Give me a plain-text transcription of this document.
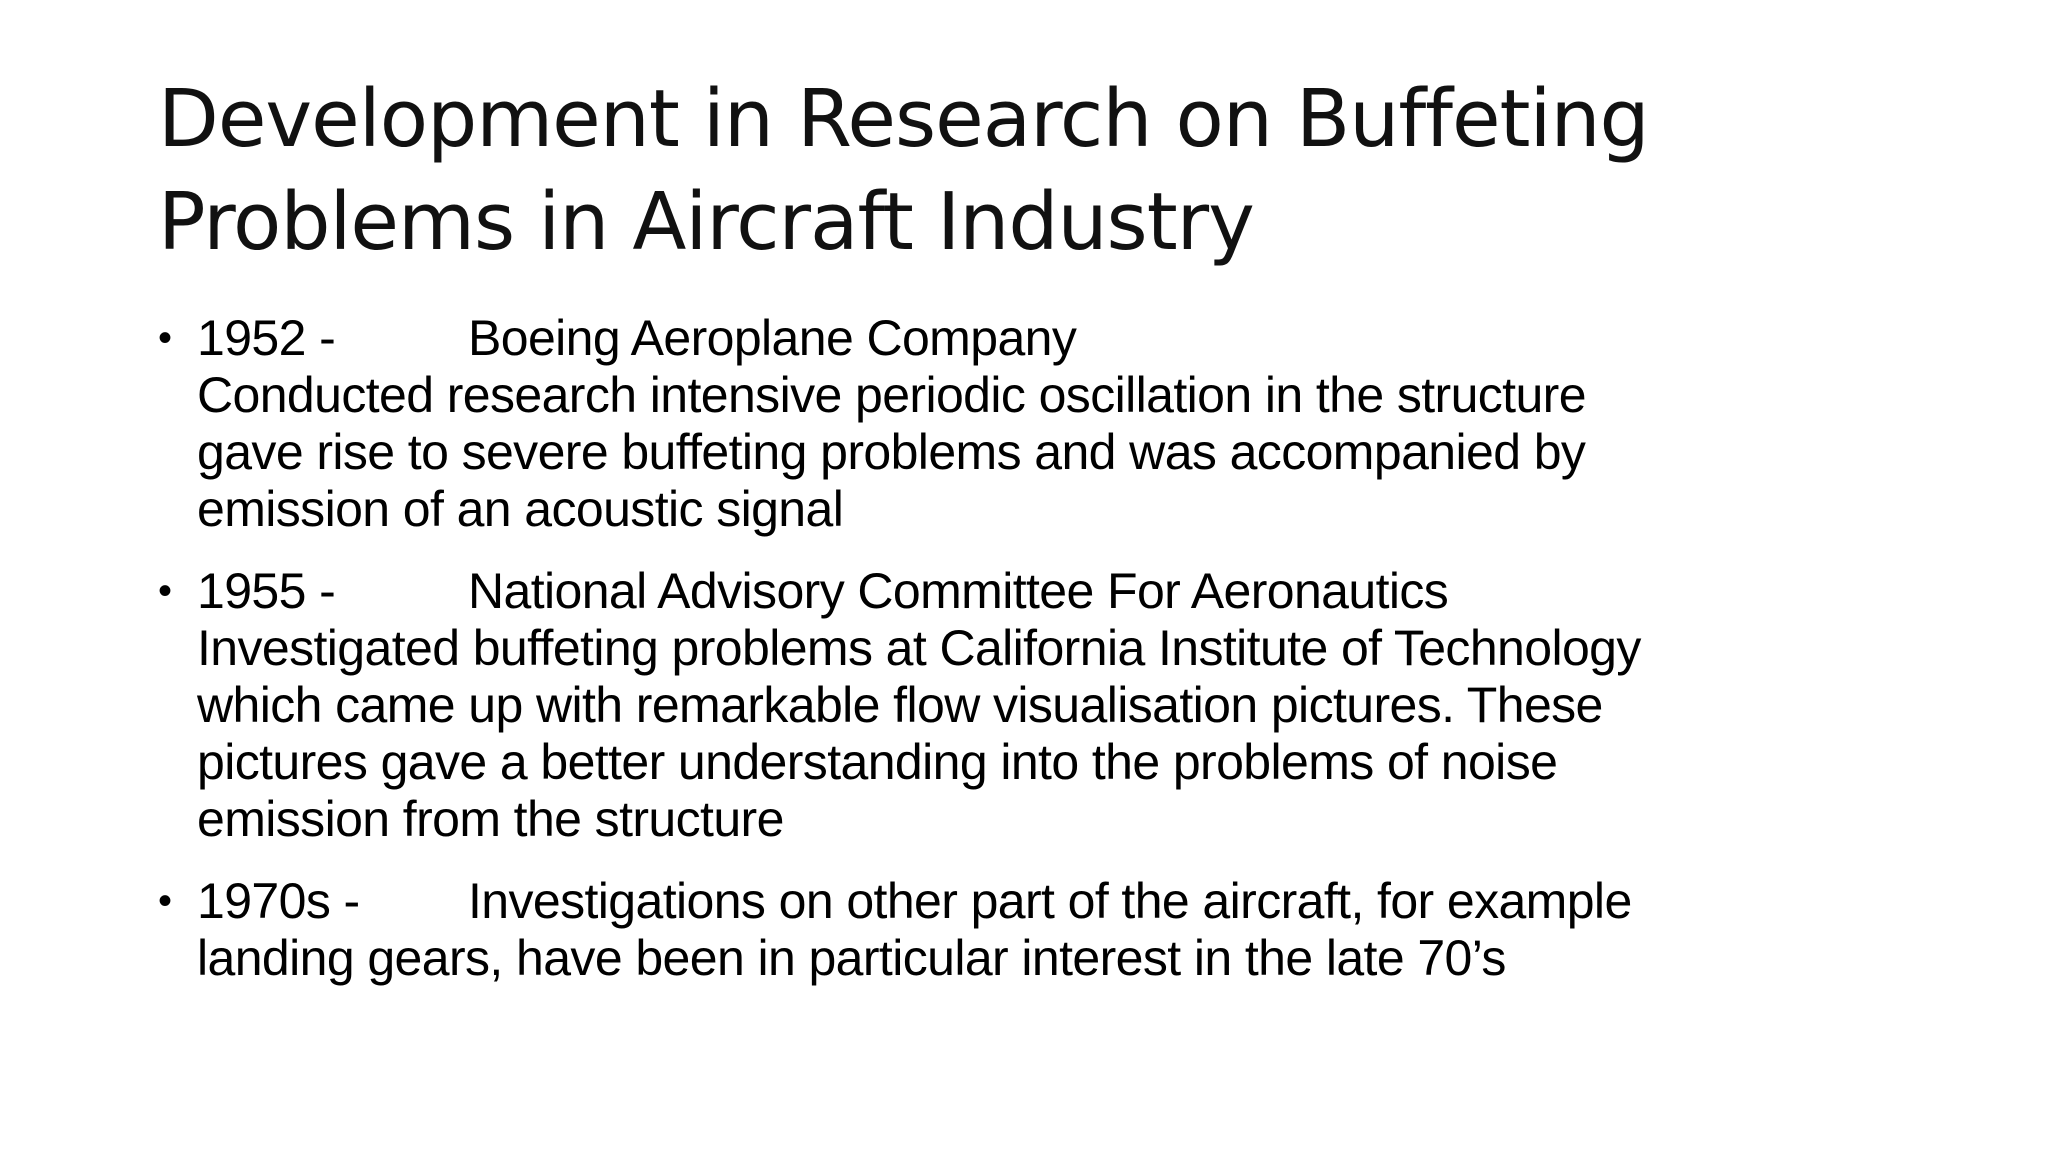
Development in Research on Buffeting
Problems in Aircraft Industry
• 1952 -	Boeing Aeroplane Company
Conducted research intensive periodic oscillation in the structure
gave rise to severe buffeting problems and was accompanied by
emission of an acoustic signal
• 1955 -	National Advisory Committee For Aeronautics
Investigated buffeting problems at California Institute of Technology
which came up with remarkable flow visualisation pictures. These
pictures gave a better understanding into the problems of noise
emission from the structure
• 1970s - Investigations on other part of the aircraft, for example
landing gears, have been in particular interest in the late 70’s
